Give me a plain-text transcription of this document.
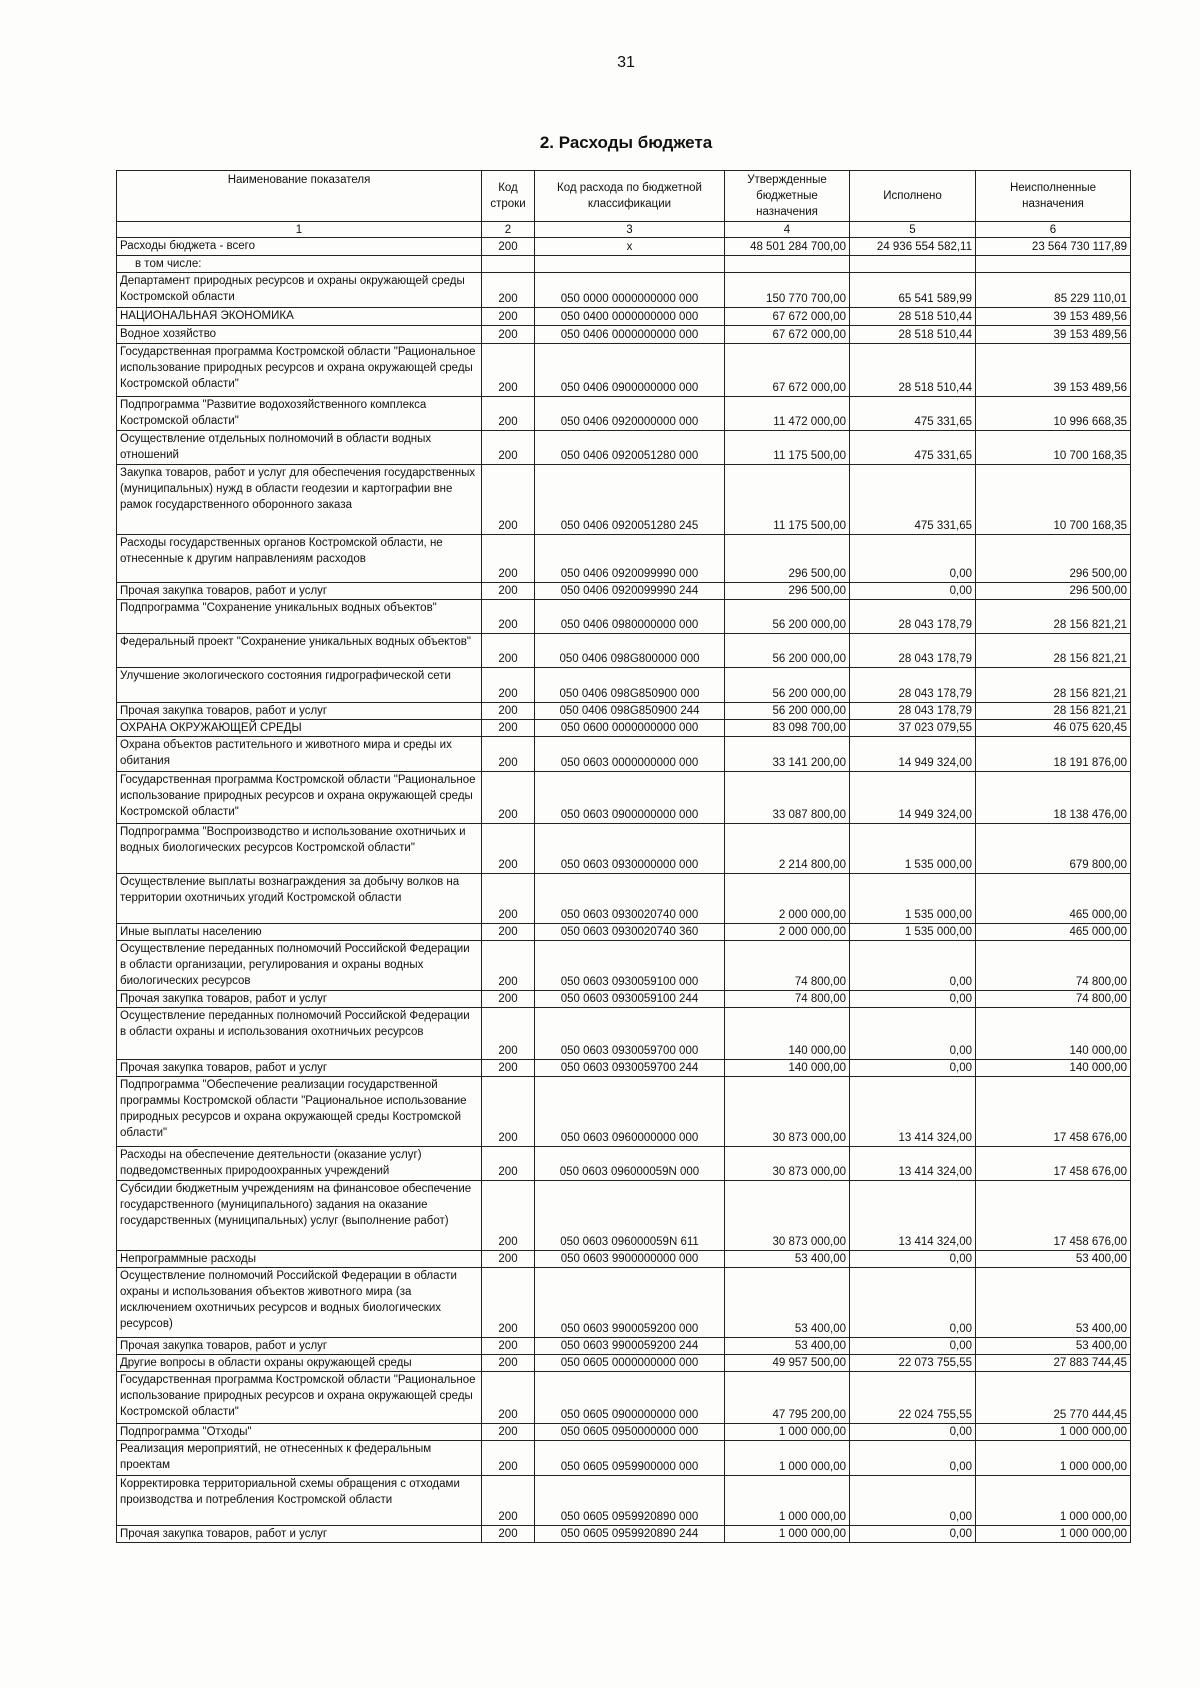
31
2. Расходы бюджета
Наименование показателя	Код строки	Код расхода по бюджетной классификации	Утвержденные бюджетные назначения	Исполнено	Неисполненные назначения
1	2	3	4	5	6
Расходы бюджета - всего	200	x	48 501 284 700,00	24 936 554 582,11	23 564 730 117,89
в том числе:					
Департамент природных ресурсов и охраны окружающей среды Костромской области	200	050 0000 0000000000 000	150 770 700,00	65 541 589,99	85 229 110,01
НАЦИОНАЛЬНАЯ ЭКОНОМИКА	200	050 0400 0000000000 000	67 672 000,00	28 518 510,44	39 153 489,56
Водное хозяйство	200	050 0406 0000000000 000	67 672 000,00	28 518 510,44	39 153 489,56
Государственная программа Костромской области "Рациональное использование природных ресурсов и охрана окружающей среды Костромской области"	200	050 0406 0900000000 000	67 672 000,00	28 518 510,44	39 153 489,56
Подпрограмма "Развитие водохозяйственного комплекса Костромской области"	200	050 0406 0920000000 000	11 472 000,00	475 331,65	10 996 668,35
Осуществление отдельных полномочий в области водных отношений	200	050 0406 0920051280 000	11 175 500,00	475 331,65	10 700 168,35
Закупка товаров, работ и услуг для обеспечения государственных (муниципальных) нужд в области геодезии и картографии вне рамок государственного оборонного заказа	200	050 0406 0920051280 245	11 175 500,00	475 331,65	10 700 168,35
Расходы государственных органов Костромской области, не отнесенные к другим направлениям расходов	200	050 0406 0920099990 000	296 500,00	0,00	296 500,00
Прочая закупка товаров, работ и услуг	200	050 0406 0920099990 244	296 500,00	0,00	296 500,00
Подпрограмма "Сохранение уникальных водных объектов"	200	050 0406 0980000000 000	56 200 000,00	28 043 178,79	28 156 821,21
Федеральный проект "Сохранение уникальных водных объектов"	200	050 0406 098G800000 000	56 200 000,00	28 043 178,79	28 156 821,21
Улучшение экологического состояния гидрографической сети	200	050 0406 098G850900 000	56 200 000,00	28 043 178,79	28 156 821,21
Прочая закупка товаров, работ и услуг	200	050 0406 098G850900 244	56 200 000,00	28 043 178,79	28 156 821,21
ОХРАНА ОКРУЖАЮЩЕЙ СРЕДЫ	200	050 0600 0000000000 000	83 098 700,00	37 023 079,55	46 075 620,45
Охрана объектов растительного и животного мира и среды их обитания	200	050 0603 0000000000 000	33 141 200,00	14 949 324,00	18 191 876,00
Государственная программа Костромской области "Рациональное использование природных ресурсов и охрана окружающей среды Костромской области"	200	050 0603 0900000000 000	33 087 800,00	14 949 324,00	18 138 476,00
Подпрограмма "Воспроизводство и использование охотничьих и водных биологических ресурсов Костромской области"	200	050 0603 0930000000 000	2 214 800,00	1 535 000,00	679 800,00
Осуществление выплаты вознаграждения за добычу волков на территории охотничьих угодий Костромской области	200	050 0603 0930020740 000	2 000 000,00	1 535 000,00	465 000,00
Иные выплаты населению	200	050 0603 0930020740 360	2 000 000,00	1 535 000,00	465 000,00
Осуществление переданных полномочий Российской Федерации в области организации, регулирования и охраны водных биологических ресурсов	200	050 0603 0930059100 000	74 800,00	0,00	74 800,00
Прочая закупка товаров, работ и услуг	200	050 0603 0930059100 244	74 800,00	0,00	74 800,00
Осуществление переданных полномочий Российской Федерации в области охраны и использования охотничьих ресурсов	200	050 0603 0930059700 000	140 000,00	0,00	140 000,00
Прочая закупка товаров, работ и услуг	200	050 0603 0930059700 244	140 000,00	0,00	140 000,00
Подпрограмма "Обеспечение реализации государственной программы Костромской области "Рациональное использование природных ресурсов и охрана окружающей среды Костромской области"	200	050 0603 0960000000 000	30 873 000,00	13 414 324,00	17 458 676,00
Расходы на обеспечение деятельности (оказание услуг) подведомственных природоохранных учреждений	200	050 0603 096000059N 000	30 873 000,00	13 414 324,00	17 458 676,00
Субсидии бюджетным учреждениям на финансовое обеспечение государственного (муниципального) задания на оказание государственных (муниципальных) услуг (выполнение работ)	200	050 0603 096000059N 611	30 873 000,00	13 414 324,00	17 458 676,00
Непрограммные расходы	200	050 0603 9900000000 000	53 400,00	0,00	53 400,00
Осуществление полномочий Российской Федерации в области охраны и использования объектов животного мира (за исключением охотничьих ресурсов и водных биологических ресурсов)	200	050 0603 9900059200 000	53 400,00	0,00	53 400,00
Прочая закупка товаров, работ и услуг	200	050 0603 9900059200 244	53 400,00	0,00	53 400,00
Другие вопросы в области охраны окружающей среды	200	050 0605 0000000000 000	49 957 500,00	22 073 755,55	27 883 744,45
Государственная программа Костромской области "Рациональное использование природных ресурсов и охрана окружающей среды Костромской области"	200	050 0605 0900000000 000	47 795 200,00	22 024 755,55	25 770 444,45
Подпрограмма "Отходы"	200	050 0605 0950000000 000	1 000 000,00	0,00	1 000 000,00
Реализация мероприятий, не отнесенных к федеральным проектам	200	050 0605 0959900000 000	1 000 000,00	0,00	1 000 000,00
Корректировка территориальной схемы обращения с отходами производства и потребления Костромской области	200	050 0605 0959920890 000	1 000 000,00	0,00	1 000 000,00
Прочая закупка товаров, работ и услуг	200	050 0605 0959920890 244	1 000 000,00	0,00	1 000 000,00
